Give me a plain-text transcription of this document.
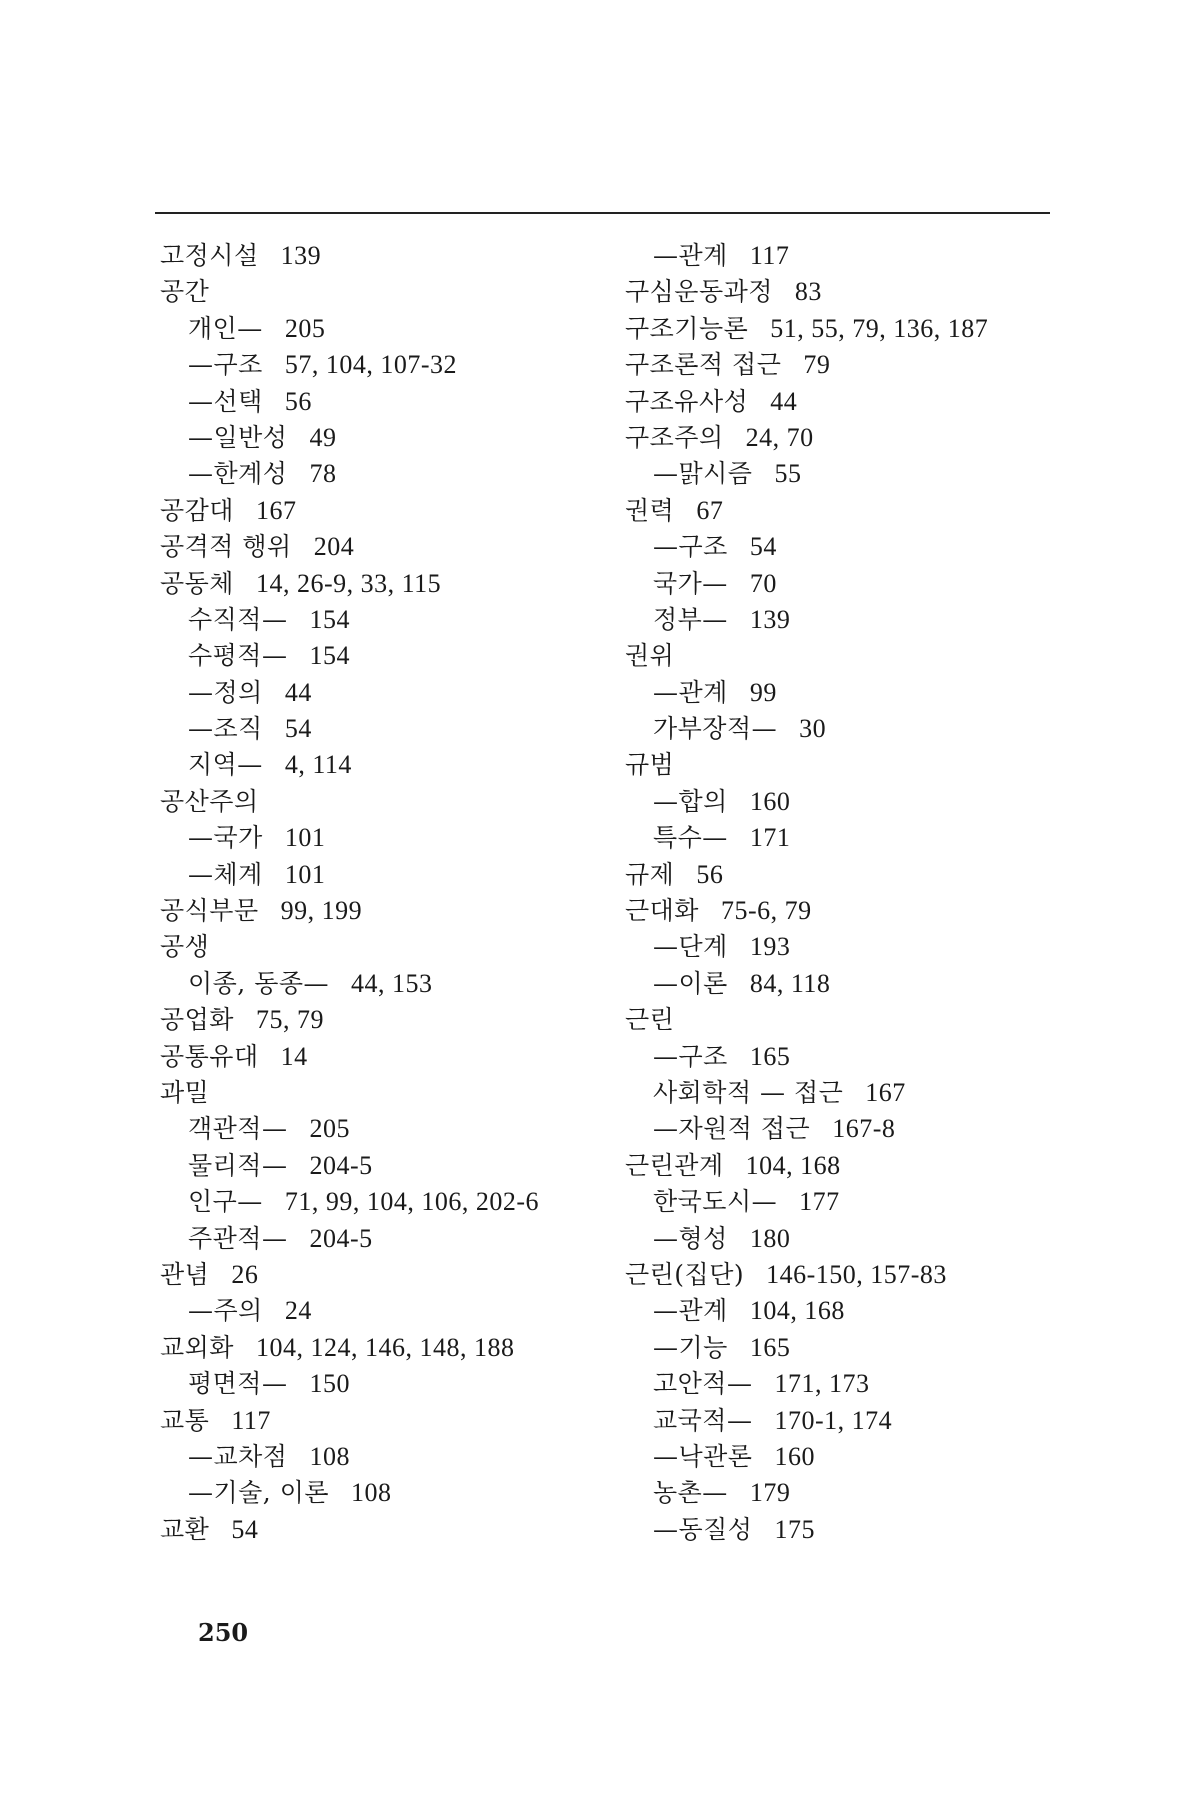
고정시설 139
공간
개인— 205
—구조 57, 104, 107-32
—선택 56
—일반성 49
—한계성 78
공감대 167
공격적 행위 204
공동체 14, 26-9, 33, 115
수직적— 154
수평적— 154
—정의 44
—조직 54
지역— 4, 114
공산주의
—국가 101
—체계 101
공식부문 99, 199
공생
이종, 동종— 44, 153
공업화 75, 79
공통유대 14
과밀
객관적— 205
물리적— 204-5
인구— 71, 99, 104, 106, 202-6
주관적— 204-5
관념 26
—주의 24
교외화 104, 124, 146, 148, 188
평면적— 150
교통 117
—교차점 108
—기술, 이론 108
교환 54
—관계 117
구심운동과정 83
구조기능론 51, 55, 79, 136, 187
구조론적 접근 79
구조유사성 44
구조주의 24, 70
—맑시즘 55
권력 67
—구조 54
국가— 70
정부— 139
권위
—관계 99
가부장적— 30
규범
—합의 160
특수— 171
규제 56
근대화 75-6, 79
—단계 193
—이론 84, 118
근린
—구조 165
사회학적 — 접근 167
—자원적 접근 167-8
근린관계 104, 168
한국도시— 177
—형성 180
근린(집단) 146-150, 157-83
—관계 104, 168
—기능 165
고안적— 171, 173
교국적— 170-1, 174
—낙관론 160
농촌— 179
—동질성 175
250
